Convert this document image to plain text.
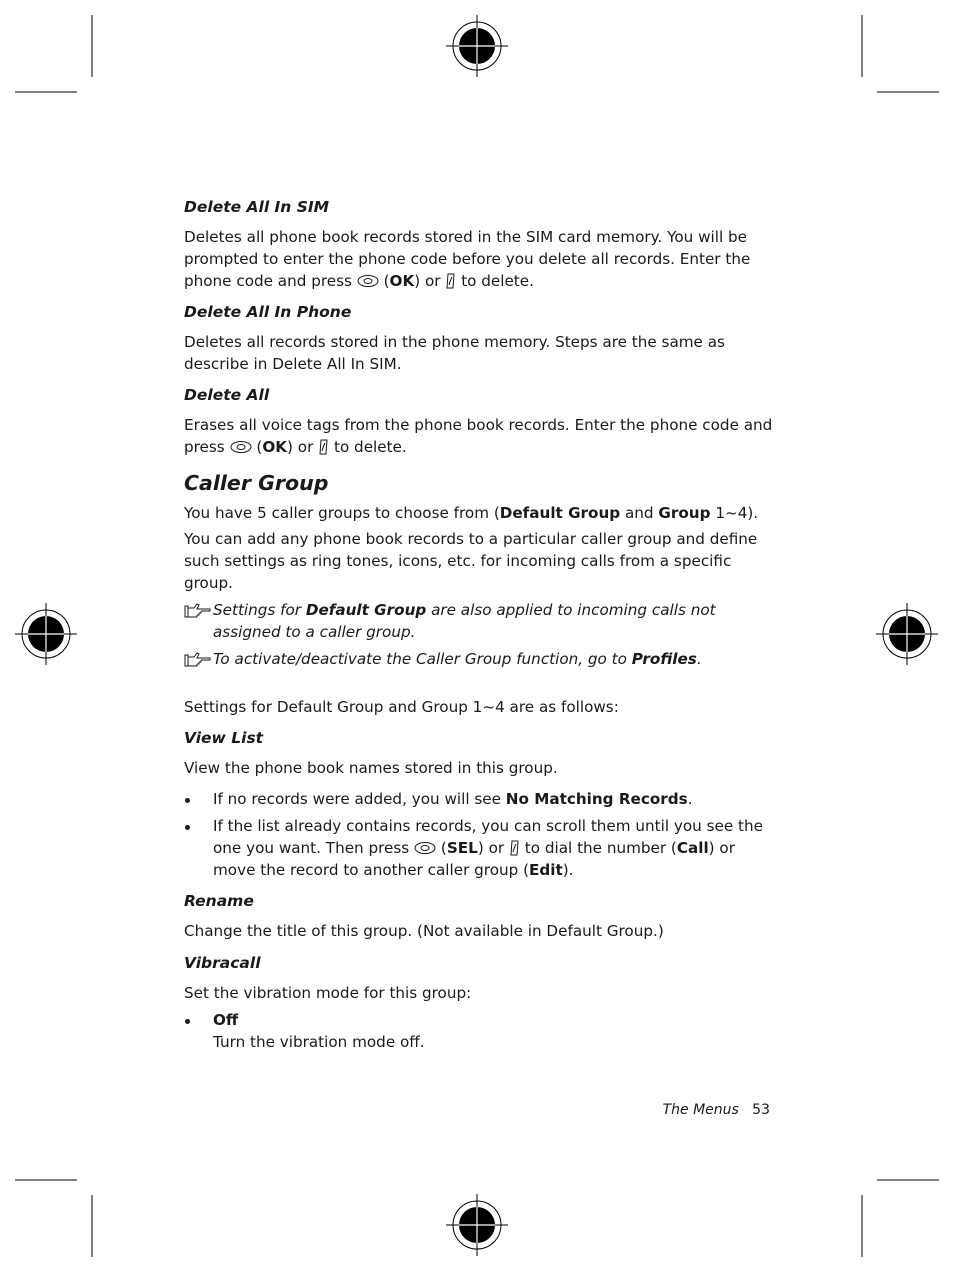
Delete All In SIM
Deletes all phone book records stored in the SIM card memory. You will be prompted to enter the phone code before you delete all records. Enter the phone code and press  (OK) or to delete.
Delete All In Phone
Deletes all records stored in the phone memory. Steps are the same as describe in Delete All In SIM.
Delete All
Erases all voice tags from the phone book records. Enter the phone code and press  (OK) or to delete.
Caller Group
You have 5 caller groups to choose from (Default Group and Group 1~4).
You can add any phone book records to a particular caller group and define such settings as ring tones, icons, etc. for incoming calls from a specific group.
Settings for Default Group are also applied to incoming calls not assigned to a caller group.
To activate/deactivate the Caller Group function, go to Profiles.
Settings for Default Group and Group 1~4 are as follows:
View List
View the phone book names stored in this group.
If no records were added, you will see No Matching Records.
If the list already contains records, you can scroll them until you see the one you want. Then press  (SEL) or to dial the number (Call) or move the record to another caller group (Edit).
Rename
Change the title of this group. (Not available in Default Group.)
Vibracall
Set the vibration mode for this group:
Off
Turn the vibration mode off.
The Menus 53
